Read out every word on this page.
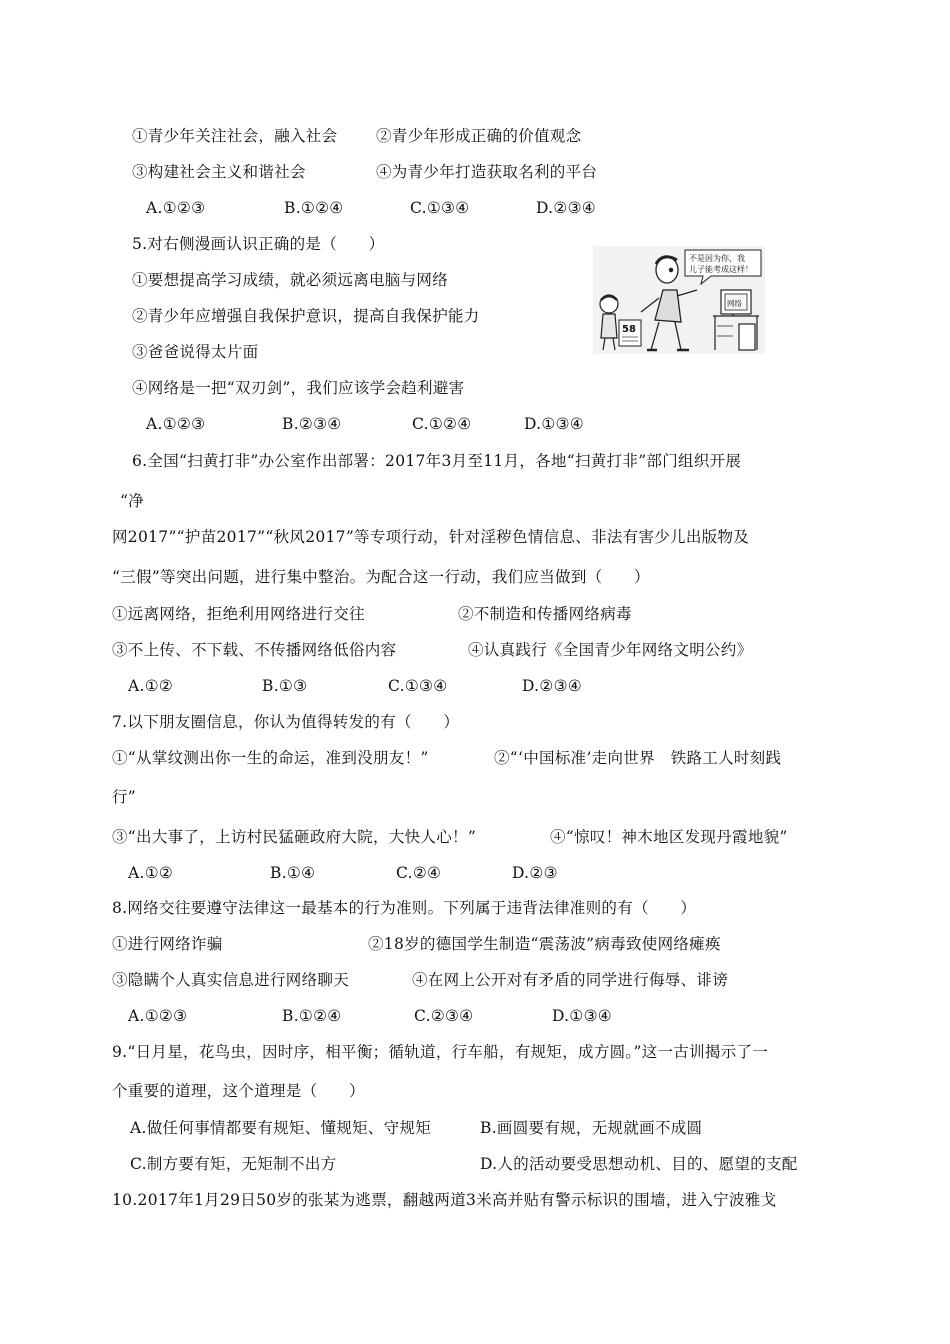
①青少年关注社会，融入社会 ②青少年形成正确的价值观念
③构建社会主义和谐社会	④为青少年打造获取名利的平台
A.①②③	B.①②④	C.①③④	D.②③④
5.对右侧漫画认识正确的是（　　）
①要想提高学习成绩，就必须远离电脑与网络
②青少年应增强自我保护意识，提高自我保护能力
③爸爸说得太片面
④网络是一把“双刃剑”，我们应该学会趋利避害
A.①②③	B.②③④	C.①②④	D.①③④
不是因为你，我
儿子能考成这样！
58
网络
6.全国“扫黄打非”办公室作出部署：2017年3月至11月，各地“扫黄打非”部门组织开展
“净
网2017”“护苗2017”“秋风2017”等专项行动，针对淫秽色情信息、非法有害少儿出版物及
“三假”等突出问题，进行集中整治。为配合这一行动，我们应当做到（　　）
①远离网络，拒绝利用网络进行交往	②不制造和传播网络病毒
③不上传、不下载、不传播网络低俗内容	④认真践行《全国青少年网络文明公约》
A.①②	B.①③	C.①③④	D.②③④
7.以下朋友圈信息，你认为值得转发的有（　　）
①“从掌纹测出你一生的命运，准到没朋友！”	②“‘中国标准’走向世界　铁路工人时刻践
行”
③“出大事了，上访村民猛砸政府大院，大快人心！”	④“惊叹！神木地区发现丹霞地貌”
A.①②	B.①④	C.②④	D.②③
8.网络交往要遵守法律这一最基本的行为准则。下列属于违背法律准则的有（　　）
①进行网络诈骗	②18岁的德国学生制造“震荡波”病毒致使网络瘫痪
③隐瞒个人真实信息进行网络聊天	④在网上公开对有矛盾的同学进行侮辱、诽谤
A.①②③	B.①②④	C.②③④	D.①③④
9.“日月星，花鸟虫，因时序，相平衡；循轨道，行车船，有规矩，成方圆。”这一古训揭示了一
个重要的道理，这个道理是（　　）
A.做任何事情都要有规矩、懂规矩、守规矩	B.画圆要有规，无规就画不成圆
C.制方要有矩，无矩制不出方	D.人的活动要受思想动机、目的、愿望的支配
10.2017年1月29日50岁的张某为逃票，翻越两道3米高并贴有警示标识的围墙，进入宁波雅戈
